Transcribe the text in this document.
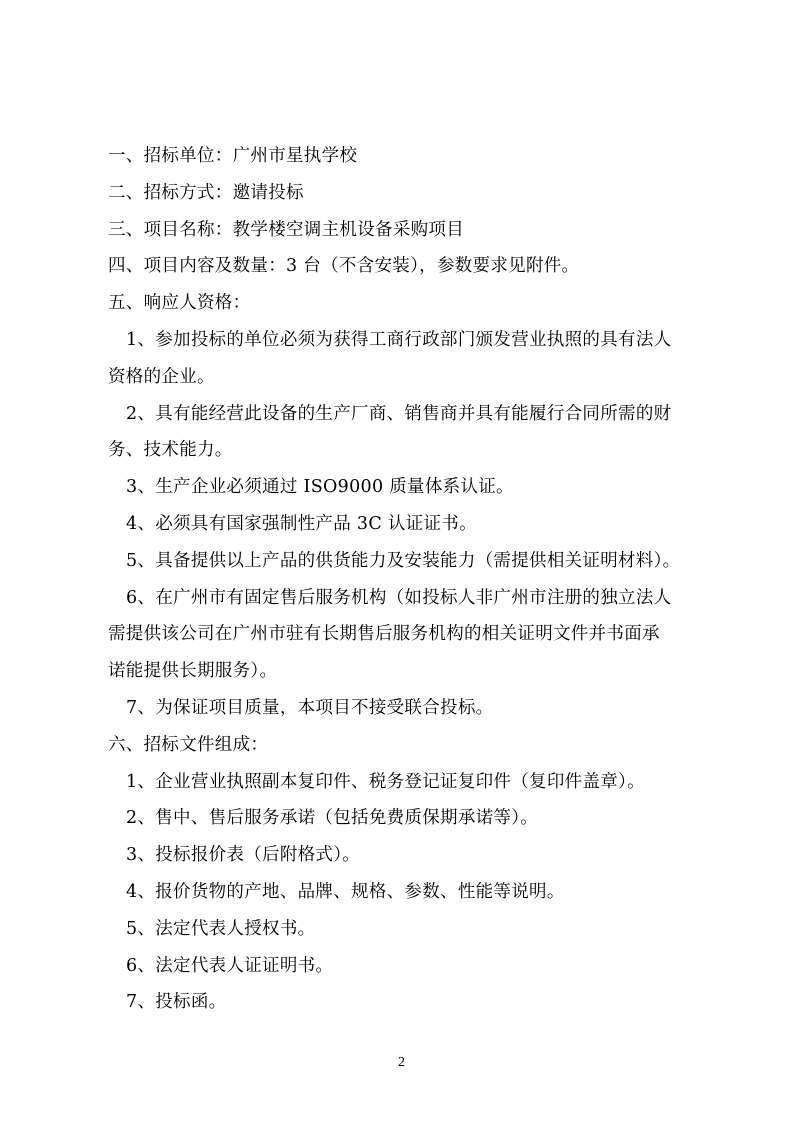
一、招标单位：广州市星执学校
二、招标方式：邀请投标
三、项目名称：教学楼空调主机设备采购项目
四、项目内容及数量：3 台（不含安装），参数要求见附件。
五、响应人资格：
1、参加投标的单位必须为获得工商行政部门颁发营业执照的具有法人
资格的企业。
2、具有能经营此设备的生产厂商、销售商并具有能履行合同所需的财
务、技术能力。
3、生产企业必须通过 ISO9000 质量体系认证。
4、必须具有国家强制性产品 3C 认证证书。
5、具备提供以上产品的供货能力及安装能力（需提供相关证明材料）。
6、在广州市有固定售后服务机构（如投标人非广州市注册的独立法人
需提供该公司在广州市驻有长期售后服务机构的相关证明文件并书面承
诺能提供长期服务）。
7、为保证项目质量，本项目不接受联合投标。
六、招标文件组成：
1、企业营业执照副本复印件、税务登记证复印件（复印件盖章）。
2、售中、售后服务承诺（包括免费质保期承诺等）。
3、投标报价表（后附格式）。
4、报价货物的产地、品牌、规格、参数、性能等说明。
5、法定代表人授权书。
6、法定代表人证证明书。
7、投标函。
2
